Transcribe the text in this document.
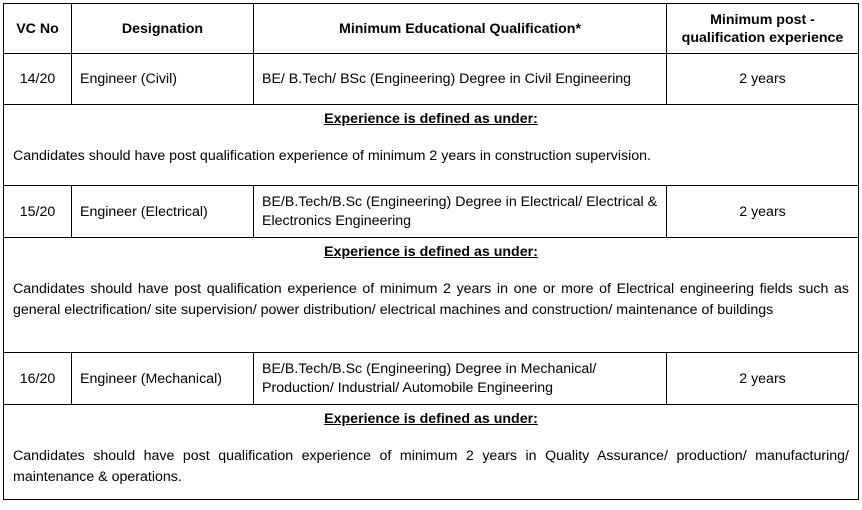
VC No	Designation	Minimum Educational Qualification*	Minimum post - qualification experience
14/20	Engineer (Civil)	BE/ B.Tech/ BSc (Engineering) Degree in Civil Engineering	2 years

Experience is defined as under:
Candidates should have post qualification experience of minimum 2 years in construction supervision.			

15/20	Engineer (Electrical)	BE/B.Tech/B.Sc (Engineering) Degree in Electrical/ Electrical & Electronics Engineering	2 years

Experience is defined as under:
Candidates should have post qualification experience of minimum 2 years in one or more of Electrical engineering fields such as general electrification/ site supervision/ power distribution/ electrical machines and construction/ maintenance of buildings			

16/20	Engineer (Mechanical)	BE/B.Tech/B.Sc (Engineering) Degree in Mechanical/ Production/ Industrial/ Automobile Engineering	2 years

Experience is defined as under:
Candidates should have post qualification experience of minimum 2 years in Quality Assurance/ production/ manufacturing/ maintenance & operations.			
